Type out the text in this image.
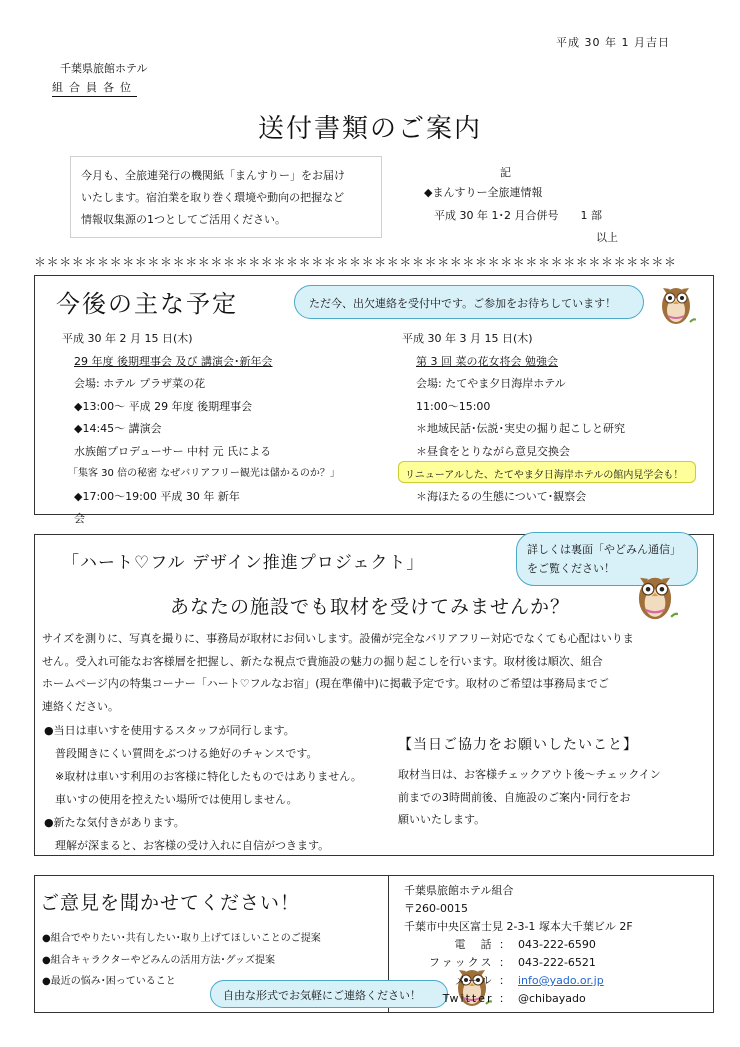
平成 30 年 1 月吉日
千葉県旅館ホテル
組合員各位
送付書類のご案内
今月も、全旅連発行の機関紙「まんすりー」をお届け
いたします。宿泊業を取り巻く環境や動向の把握など
情報収集源の1つとしてご活用ください。
記
◆まんすりー全旅連情報
平成 30 年 1･2 月合併号　　1 部
以上
＊＊＊＊＊＊＊＊＊＊＊＊＊＊＊＊＊＊＊＊＊＊＊＊＊＊＊＊＊＊＊＊＊＊＊＊＊＊＊＊＊＊＊＊＊＊＊＊＊＊＊
今後の主な予定	ただ今、出欠連絡を受付中です。ご参加をお待ちしています！
平成 30 年 2 月 15 日(木)
29 年度 後期理事会 及び 講演会･新年会
会場: ホテル プラザ菜の花
◆13:00～ 平成 29 年度 後期理事会
◆14:45～ 講演会
水族館プロデューサー 中村 元 氏による
「集客 30 倍の秘密 なぜバリアフリー観光は儲かるのか？」
◆17:00～19:00 平成 30 年 新年
会
平成 30 年 3 月 15 日(木)
第 3 回 菜の花女将会 勉強会
会場: たてやま夕日海岸ホテル
11:00～15:00
＊地域民話･伝説･実史の掘り起こしと研究
＊昼食をとりながら意見交換会
＊海ほたるの生態について･観察会
リニューアルした、たてやま夕日海岸ホテルの館内見学会も！
「ハート♡フル デザイン推進プロジェクト」
詳しくは裏面「やどみん通信」
をご覧ください！
あなたの施設でも取材を受けてみませんか？
サイズを測りに、写真を撮りに、事務局が取材にお伺いします。設備が完全なバリアフリー対応でなくても心配はいりま
せん。受入れ可能なお客様層を把握し、新たな視点で貴施設の魅力の掘り起こしを行います。取材後は順次、組合
ホームページ内の特集コーナー「ハート♡フルなお宿」(現在準備中)に掲載予定です。取材のご希望は事務局までご
連絡ください。
●当日は車いすを使用するスタッフが同行します。
　普段聞きにくい質問をぶつける絶好のチャンスです。
　※取材は車いす利用のお客様に特化したものではありません。
　車いすの使用を控えたい場所では使用しません。
●新たな気付きがあります。
　理解が深まると、お客様の受け入れに自信がつきます。
【当日ご協力をお願いしたいこと】
取材当日は、お客様チェックアウト後～チェックイン
前までの3時間前後、自施設のご案内･同行をお
願いいたします。
ご意見を聞かせてください！
●組合でやりたい･共有したい･取り上げてほしいことのご提案
●組合キャラクターやどみんの活用方法･グッズ提案
●最近の悩み･困っていること
自由な形式でお気軽にご連絡ください！
千葉県旅館ホテル組合
〒260-0015
千葉市中央区富士見 2-3-1 塚本大千葉ビル 2F
電　話 ： 043-222-6590
ファックス ： 043-222-6521
メール ： info@yado.or.jp
Twitter ： @chibayado
